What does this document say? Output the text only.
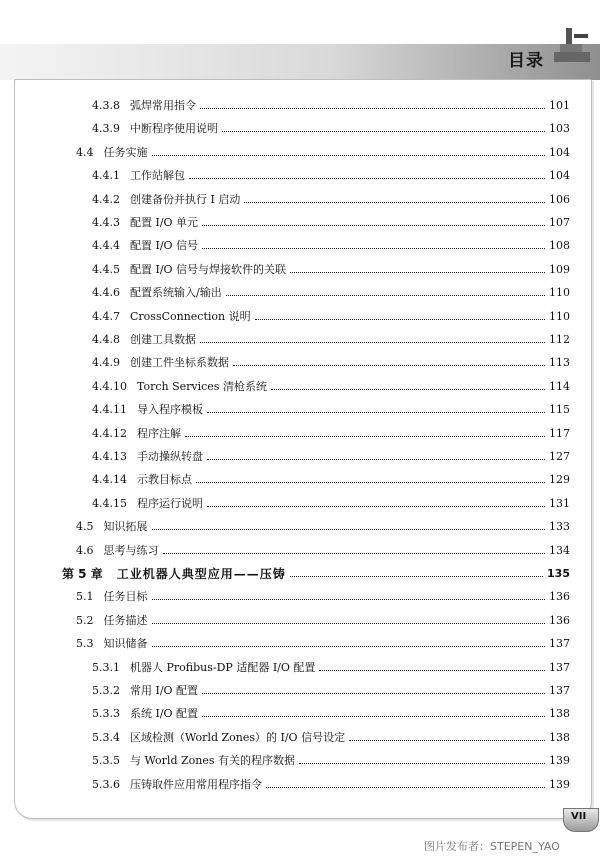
目录
4.3.8 弧焊常用指令	101
4.3.9 中断程序使用说明	103
4.4 任务实施	104
4.4.1 工作站解包	104
4.4.2 创建备份并执行 I 启动	106
4.4.3 配置 I/O 单元	107
4.4.4 配置 I/O 信号	108
4.4.5 配置 I/O 信号与焊接软件的关联	109
4.4.6 配置系统输入/输出	110
4.4.7 CrossConnection 说明	110
4.4.8 创建工具数据	112
4.4.9 创建工件坐标系数据	113
4.4.10 Torch Services 清枪系统	114
4.4.11 导入程序模板	115
4.4.12 程序注解	117
4.4.13 手动操纵转盘	127
4.4.14 示教目标点	129
4.4.15 程序运行说明	131
4.5 知识拓展	133
4.6 思考与练习	134
第 5 章 工业机器人典型应用——压铸	135
5.1 任务目标	136
5.2 任务描述	136
5.3 知识储备	137
5.3.1 机器人 Profibus-DP 适配器 I/O 配置	137
5.3.2 常用 I/O 配置	137
5.3.3 系统 I/O 配置	138
5.3.4 区域检测（World Zones）的 I/O 信号设定	138
5.3.5 与 World Zones 有关的程序数据	139
5.3.6 压铸取件应用常用程序指令	139
VII
图片发布者：STEPEN_YAO
